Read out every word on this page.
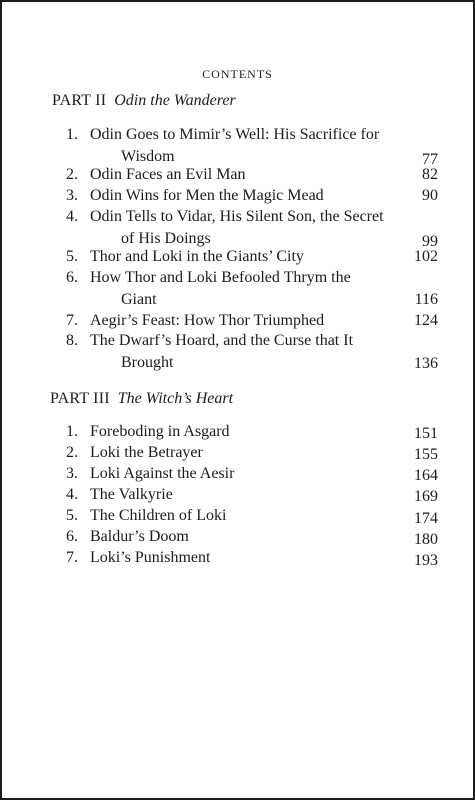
CONTENTS
PART II Odin the Wanderer
1. Odin Goes to Mimir’s Well: His Sacrifice for
Wisdom	77
2. Odin Faces an Evil Man	82
3. Odin Wins for Men the Magic Mead	90
4. Odin Tells to Vidar, His Silent Son, the Secret
of His Doings	99
5. Thor and Loki in the Giants’ City	102
6. How Thor and Loki Befooled Thrym the
Giant	116
7. Aegir’s Feast: How Thor Triumphed	124
8. The Dwarf’s Hoard, and the Curse that It
Brought	136
PART III The Witch’s Heart
1. Foreboding in Asgard	151
2. Loki the Betrayer	155
3. Loki Against the Aesir	164
4. The Valkyrie	169
5. The Children of Loki	174
6. Baldur’s Doom	180
7. Loki’s Punishment	193
